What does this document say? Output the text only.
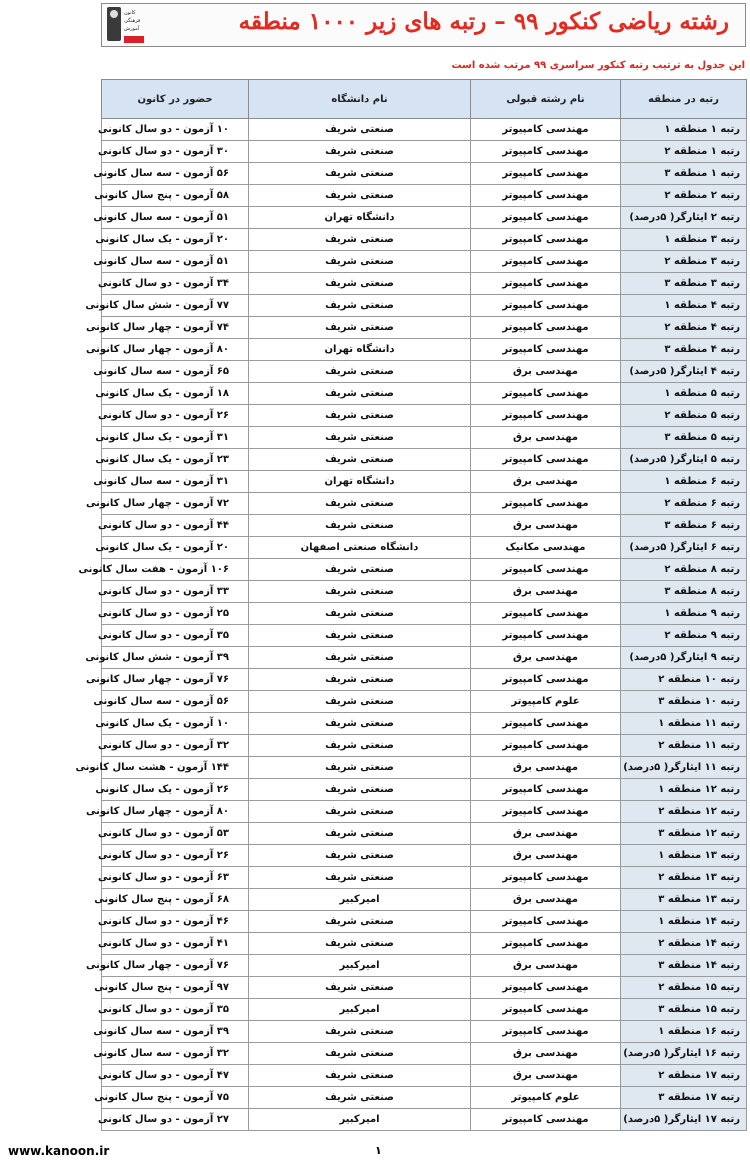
کانون
فرهنگی
آموزش	رشته ریاضی کنکور ۹۹ – رتبه های زیر ۱۰۰۰ منطقه
این جدول به ترتیب رتبه کنکور سراسری ۹۹ مرتب شده است
رتبه در منطقه	نام رشته قبولی	نام دانشگاه	حضور در کانون
رتبه ۱ منطقه ۱	مهندسی کامپیوتر	صنعتی شریف	۱۰ آزمون - دو سال کانونی
رتبه ۱ منطقه ۲	مهندسی کامپیوتر	صنعتی شریف	۳۰ آزمون - دو سال کانونی
رتبه ۱ منطقه ۳	مهندسی کامپیوتر	صنعتی شریف	۵۶ آزمون - سه سال کانونی
رتبه ۲ منطقه ۲	مهندسی کامپیوتر	صنعتی شریف	۵۸ آزمون - پنج سال کانونی
رتبه ۲ ایثارگر( ۵درصد)	مهندسی کامپیوتر	دانشگاه تهران	۵۱ آزمون - سه سال کانونی
رتبه ۳ منطقه ۱	مهندسی کامپیوتر	صنعتی شریف	۲۰ آزمون - یک سال کانونی
رتبه ۳ منطقه ۲	مهندسی کامپیوتر	صنعتی شریف	۵۱ آزمون - سه سال کانونی
رتبه ۳ منطقه ۳	مهندسی کامپیوتر	صنعتی شریف	۳۴ آزمون - دو سال کانونی
رتبه ۴ منطقه ۱	مهندسی کامپیوتر	صنعتی شریف	۷۷ آزمون - شش سال کانونی
رتبه ۴ منطقه ۲	مهندسی کامپیوتر	صنعتی شریف	۷۴ آزمون - چهار سال کانونی
رتبه ۴ منطقه ۳	مهندسی کامپیوتر	دانشگاه تهران	۸۰ آزمون - چهار سال کانونی
رتبه ۴ ایثارگر( ۵درصد)	مهندسی برق	صنعتی شریف	۶۵ آزمون - سه سال کانونی
رتبه ۵ منطقه ۱	مهندسی کامپیوتر	صنعتی شریف	۱۸ آزمون - یک سال کانونی
رتبه ۵ منطقه ۲	مهندسی کامپیوتر	صنعتی شریف	۲۶ آزمون - دو سال کانونی
رتبه ۵ منطقه ۳	مهندسی برق	صنعتی شریف	۳۱ آزمون - یک سال کانونی
رتبه ۵ ایثارگر( ۵درصد)	مهندسی کامپیوتر	صنعتی شریف	۲۳ آزمون - یک سال کانونی
رتبه ۶ منطقه ۱	مهندسی برق	دانشگاه تهران	۳۱ آزمون - سه سال کانونی
رتبه ۶ منطقه ۲	مهندسی کامپیوتر	صنعتی شریف	۷۲ آزمون - چهار سال کانونی
رتبه ۶ منطقه ۳	مهندسی برق	صنعتی شریف	۴۴ آزمون - دو سال کانونی
رتبه ۶ ایثارگر( ۵درصد)	مهندسی مکانیک	دانشگاه صنعتی اصفهان	۲۰ آزمون - یک سال کانونی
رتبه ۸ منطقه ۲	مهندسی کامپیوتر	صنعتی شریف	۱۰۶ آزمون - هفت سال کانونی
رتبه ۸ منطقه ۳	مهندسی برق	صنعتی شریف	۳۳ آزمون - دو سال کانونی
رتبه ۹ منطقه ۱	مهندسی کامپیوتر	صنعتی شریف	۲۵ آزمون - دو سال کانونی
رتبه ۹ منطقه ۲	مهندسی کامپیوتر	صنعتی شریف	۳۵ آزمون - دو سال کانونی
رتبه ۹ ایثارگر( ۵درصد)	مهندسی برق	صنعتی شریف	۳۹ آزمون - شش سال کانونی
رتبه ۱۰ منطقه ۲	مهندسی کامپیوتر	صنعتی شریف	۷۶ آزمون - چهار سال کانونی
رتبه ۱۰ منطقه ۳	علوم کامپیوتر	صنعتی شریف	۵۶ آزمون - سه سال کانونی
رتبه ۱۱ منطقه ۱	مهندسی کامپیوتر	صنعتی شریف	۱۰ آزمون - یک سال کانونی
رتبه ۱۱ منطقه ۲	مهندسی کامپیوتر	صنعتی شریف	۳۲ آزمون - دو سال کانونی
رتبه ۱۱ ایثارگر( ۵درصد)	مهندسی برق	صنعتی شریف	۱۴۴ آزمون - هشت سال کانونی
رتبه ۱۲ منطقه ۱	مهندسی کامپیوتر	صنعتی شریف	۲۶ آزمون - یک سال کانونی
رتبه ۱۲ منطقه ۲	مهندسی کامپیوتر	صنعتی شریف	۸۰ آزمون - چهار سال کانونی
رتبه ۱۲ منطقه ۳	مهندسی برق	صنعتی شریف	۵۳ آزمون - دو سال کانونی
رتبه ۱۳ منطقه ۱	مهندسی برق	صنعتی شریف	۲۶ آزمون - دو سال کانونی
رتبه ۱۳ منطقه ۲	مهندسی کامپیوتر	صنعتی شریف	۶۳ آزمون - دو سال کانونی
رتبه ۱۳ منطقه ۳	مهندسی برق	امیرکبیر	۶۸ آزمون - پنج سال کانونی
رتبه ۱۴ منطقه ۱	مهندسی کامپیوتر	صنعتی شریف	۴۶ آزمون - دو سال کانونی
رتبه ۱۴ منطقه ۲	مهندسی کامپیوتر	صنعتی شریف	۴۱ آزمون - دو سال کانونی
رتبه ۱۴ منطقه ۳	مهندسی برق	امیرکبیر	۷۶ آزمون - چهار سال کانونی
رتبه ۱۵ منطقه ۲	مهندسی کامپیوتر	صنعتی شریف	۹۷ آزمون - پنج سال کانونی
رتبه ۱۵ منطقه ۳	مهندسی کامپیوتر	امیرکبیر	۳۵ آزمون - دو سال کانونی
رتبه ۱۶ منطقه ۱	مهندسی کامپیوتر	صنعتی شریف	۳۹ آزمون - سه سال کانونی
رتبه ۱۶ ایثارگر( ۵درصد)	مهندسی برق	صنعتی شریف	۳۲ آزمون - سه سال کانونی
رتبه ۱۷ منطقه ۲	مهندسی برق	صنعتی شریف	۴۷ آزمون - دو سال کانونی
رتبه ۱۷ منطقه ۳	علوم کامپیوتر	صنعتی شریف	۷۵ آزمون - پنج سال کانونی
رتبه ۱۷ ایثارگر( ۵درصد)	مهندسی کامپیوتر	امیرکبیر	۲۷ آزمون - دو سال کانونی
www.kanoon.ir	۱
